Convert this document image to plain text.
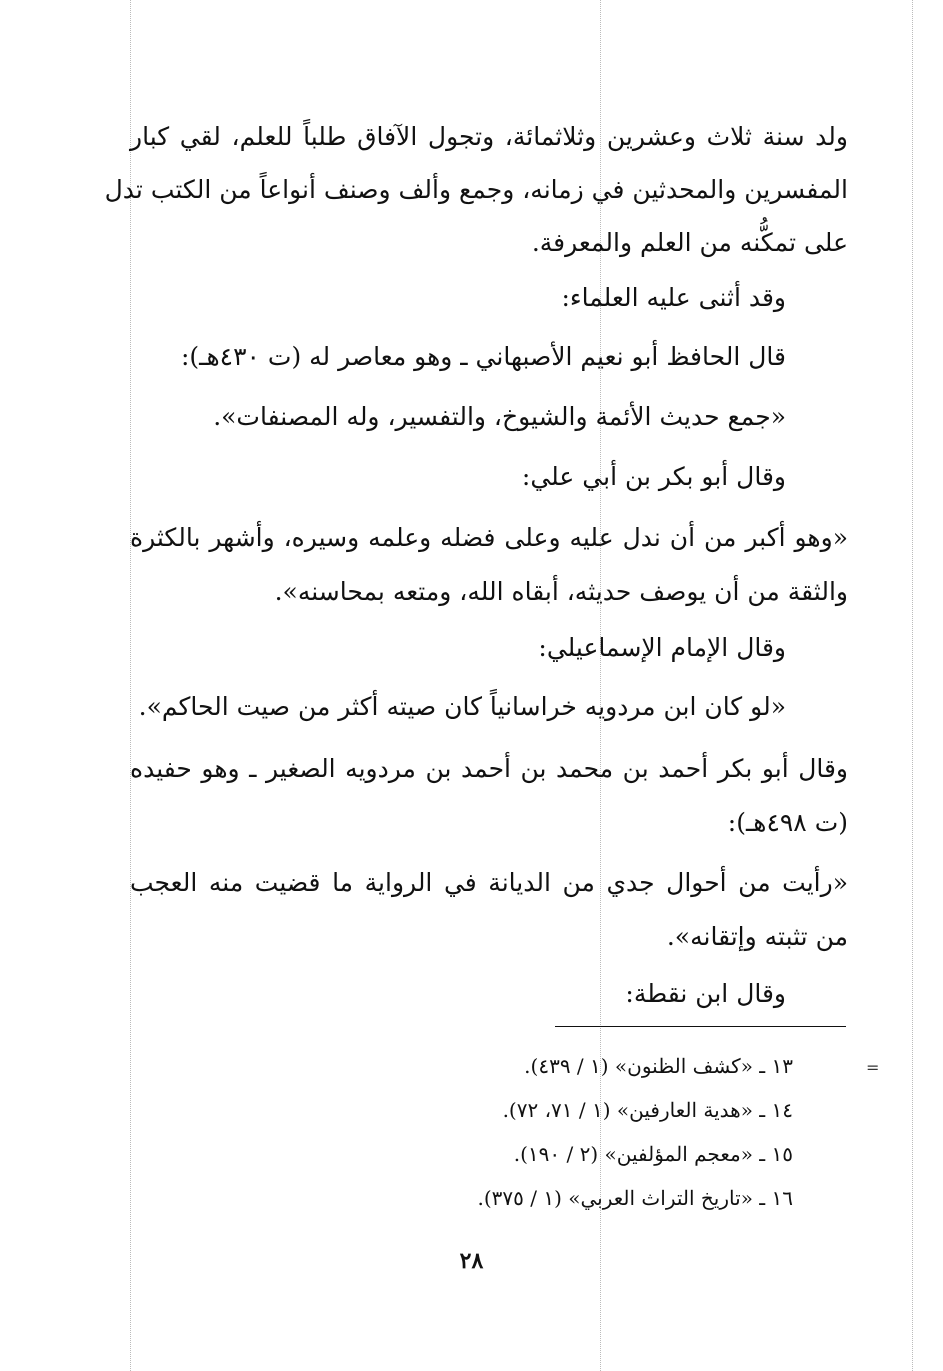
ولد سنة ثلاث وعشرين وثلاثمائة، وتجول الآفاق طلباً للعلم، لقي كبار
المفسرين والمحدثين في زمانه، وجمع وألف وصنف أنواعاً من الكتب تدل
على تمكُّنه من العلم والمعرفة.
وقد أثنى عليه العلماء:
قال الحافظ أبو نعيم الأصبهاني ـ وهو معاصر له (ت ٤٣٠هـ):
«جمع حديث الأئمة والشيوخ، والتفسير، وله المصنفات».
وقال أبو بكر بن أبي علي:
«وهو أكبر من أن ندل عليه وعلى فضله وعلمه وسيره، وأشهر بالكثرة
والثقة من أن يوصف حديثه، أبقاه الله، ومتعه بمحاسنه».
وقال الإمام الإسماعيلي:
«لو كان ابن مردويه خراسانياً كان صيته أكثر من صيت الحاكم».
وقال أبو بكر أحمد بن محمد بن أحمد بن مردويه الصغير ـ وهو حفيده
(ت ٤٩٨هـ):
«رأيت من أحوال جدي من الديانة في الرواية ما قضيت منه العجب
من تثبته وإتقانه».
وقال ابن نقطة:
=
١٣ ـ «كشف الظنون» (١ / ٤٣٩).
١٤ ـ «هدية العارفين» (١ / ٧١، ٧٢).
١٥ ـ «معجم المؤلفين» (٢ / ١٩٠).
١٦ ـ «تاريخ التراث العربي» (١ / ٣٧٥).
٢٨
